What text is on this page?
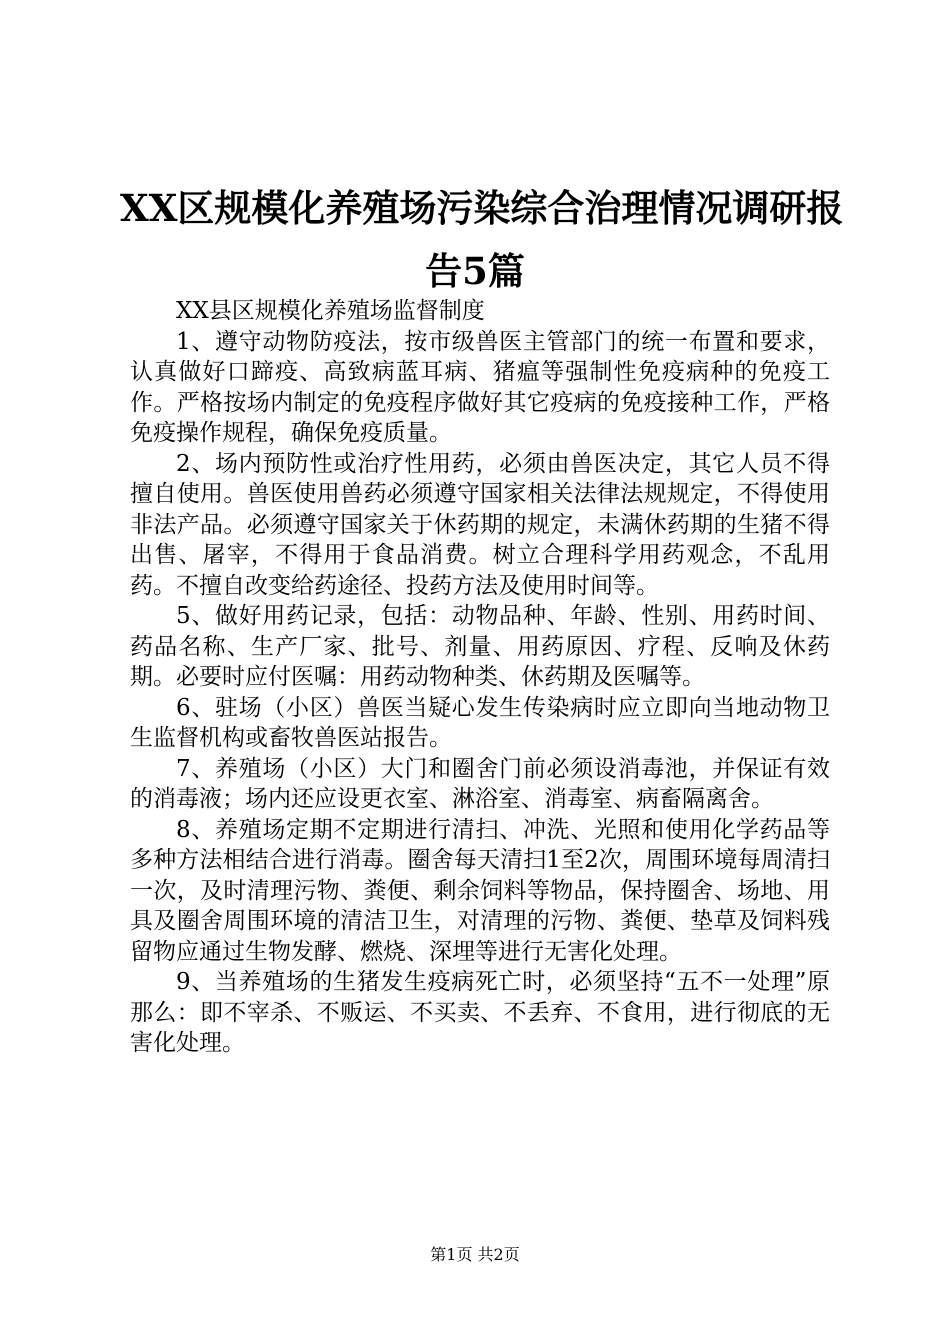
XX区规模化养殖场污染综合治理情况调研报
告5篇

XX县区规模化养殖场监督制度

1、遵守动物防疫法，按市级兽医主管部门的统一布置和要求，认真做好口蹄疫、高致病蓝耳病、猪瘟等强制性免疫病种的免疫工作。严格按场内制定的免疫程序做好其它疫病的免疫接种工作，严格免疫操作规程，确保免疫质量。

2、场内预防性或治疗性用药，必须由兽医决定，其它人员不得擅自使用。兽医使用兽药必须遵守国家相关法律法规规定，不得使用非法产品。必须遵守国家关于休药期的规定，未满休药期的生猪不得出售、屠宰，不得用于食品消费。树立合理科学用药观念，不乱用药。不擅自改变给药途径、投药方法及使用时间等。

5、做好用药记录，包括：动物品种、年龄、性别、用药时间、药品名称、生产厂家、批号、剂量、用药原因、疗程、反响及休药期。必要时应付医嘱：用药动物种类、休药期及医嘱等。

6、驻场（小区）兽医当疑心发生传染病时应立即向当地动物卫生监督机构或畜牧兽医站报告。

7、养殖场（小区）大门和圈舍门前必须设消毒池，并保证有效的消毒液；场内还应设更衣室、淋浴室、消毒室、病畜隔离舍。

8、养殖场定期不定期进行清扫、冲洗、光照和使用化学药品等多种方法相结合进行消毒。圈舍每天清扫1至2次，周围环境每周清扫一次，及时清理污物、粪便、剩余饲料等物品，保持圈舍、场地、用具及圈舍周围环境的清洁卫生，对清理的污物、粪便、垫草及饲料残留物应通过生物发酵、燃烧、深埋等进行无害化处理。

9、当养殖场的生猪发生疫病死亡时，必须坚持“五不一处理”原那么：即不宰杀、不贩运、不买卖、不丢弃、不食用，进行彻底的无害化处理。

第1页 共2页
